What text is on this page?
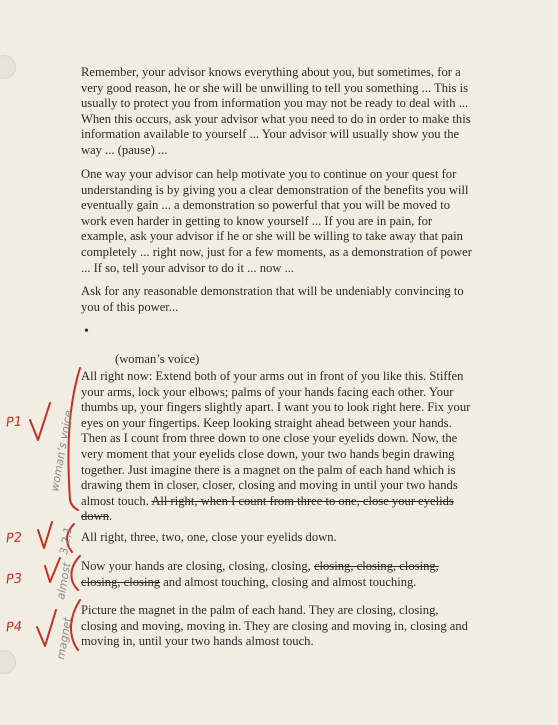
Remember, your advisor knows everything about you, but sometimes, for a very good reason, he or she will be unwilling to tell you something ... This is usually to protect you from information you may not be ready to deal with ... When this occurs, ask your advisor what you need to do in order to make this information available to yourself ... Your advisor will usually show you the way ... (pause) ...

One way your advisor can help motivate you to continue on your quest for understanding is by giving you a clear demonstration of the benefits you will eventually gain ... a demonstration so powerful that you will be moved to work even harder in getting to know yourself ... If you are in pain, for example, ask your advisor if he or she will be willing to take away that pain completely ... right now, just for a few moments, as a demonstration of power ... If so, tell your advisor to do it ... now ...

Ask for any reasonable demonstration that will be undeniably convincing to you of this power...

•
(woman’s voice)

All right now: Extend both of your arms out in front of you like this. Stiffen your arms, lock your elbows; palms of your hands facing each other. Your thumbs up, your fingers slightly apart. I want you to look right here. Fix your eyes on your fingertips. Keep looking straight ahead between your hands. Then as I count from three down to one close your eyelids down. Now, the very moment that your eyelids close down, your two hands begin drawing together. Just imagine there is a magnet on the palm of each hand which is drawing them in closer, closer, closing and moving in until your two hands almost touch. All right, when I count from three to one, close your eyelids down.

All right, three, two, one, close your eyelids down.

Now your hands are closing, closing, closing, closing, closing, closing, closing, closing and almost touching, closing and almost touching.

Picture the magnet in the palm of each hand. They are closing, closing, closing and moving, moving in. They are closing and moving in, closing and moving in, until your two hands almost touch.

P1
P2
P3
P4
woman’s voice
3,2,1
almost
magnet
